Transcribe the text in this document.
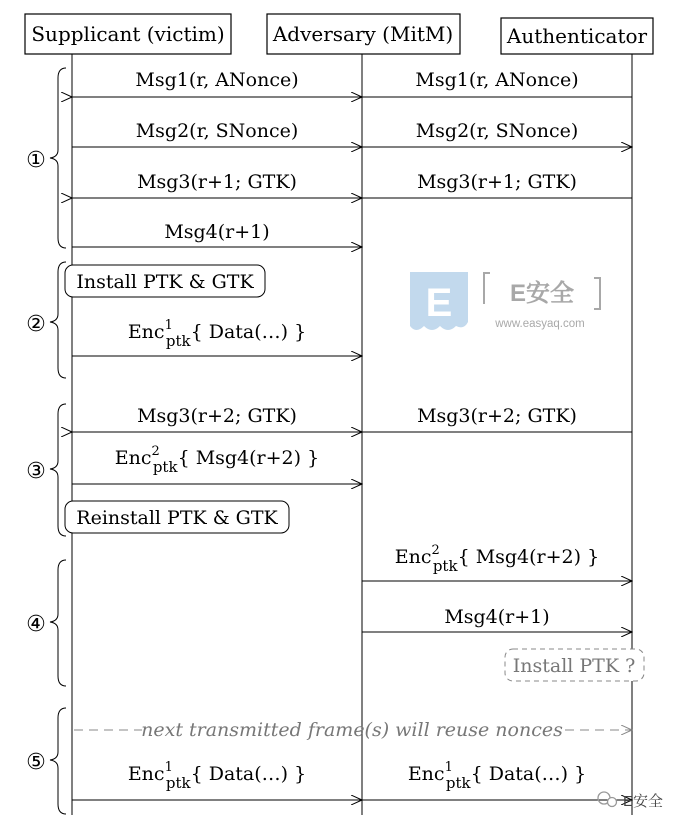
Supplicant (victim) Adversary (MitM)	Authenticator
①
②
③
④
⑤
Msg1(r, ANonce)	Msg1(r, ANonce)
Msg2(r, SNonce)	Msg2(r, SNonce)
Msg3(r+1; GTK)	Msg3(r+1; GTK)
Msg4(r+1)
E E安全
www.easyaq.com
Install PTK & GTK
Enc$^1$ ptk{ Data(…) }
Msg3(r+2; GTK)	Msg3(r+2; GTK)
Enc$^2$ ptk{ Msg4(r+2) }
Reinstall PTK & GTK
Enc$^2$ ptk{ Msg4(r+2) }
Msg4(r+1)
Install PTK ?
next transmitted frame(s) will reuse nonces
Enc$^1$ ptk{ Data(…) }	Enc$^1$ ptk{ Data(…) }
E安全
